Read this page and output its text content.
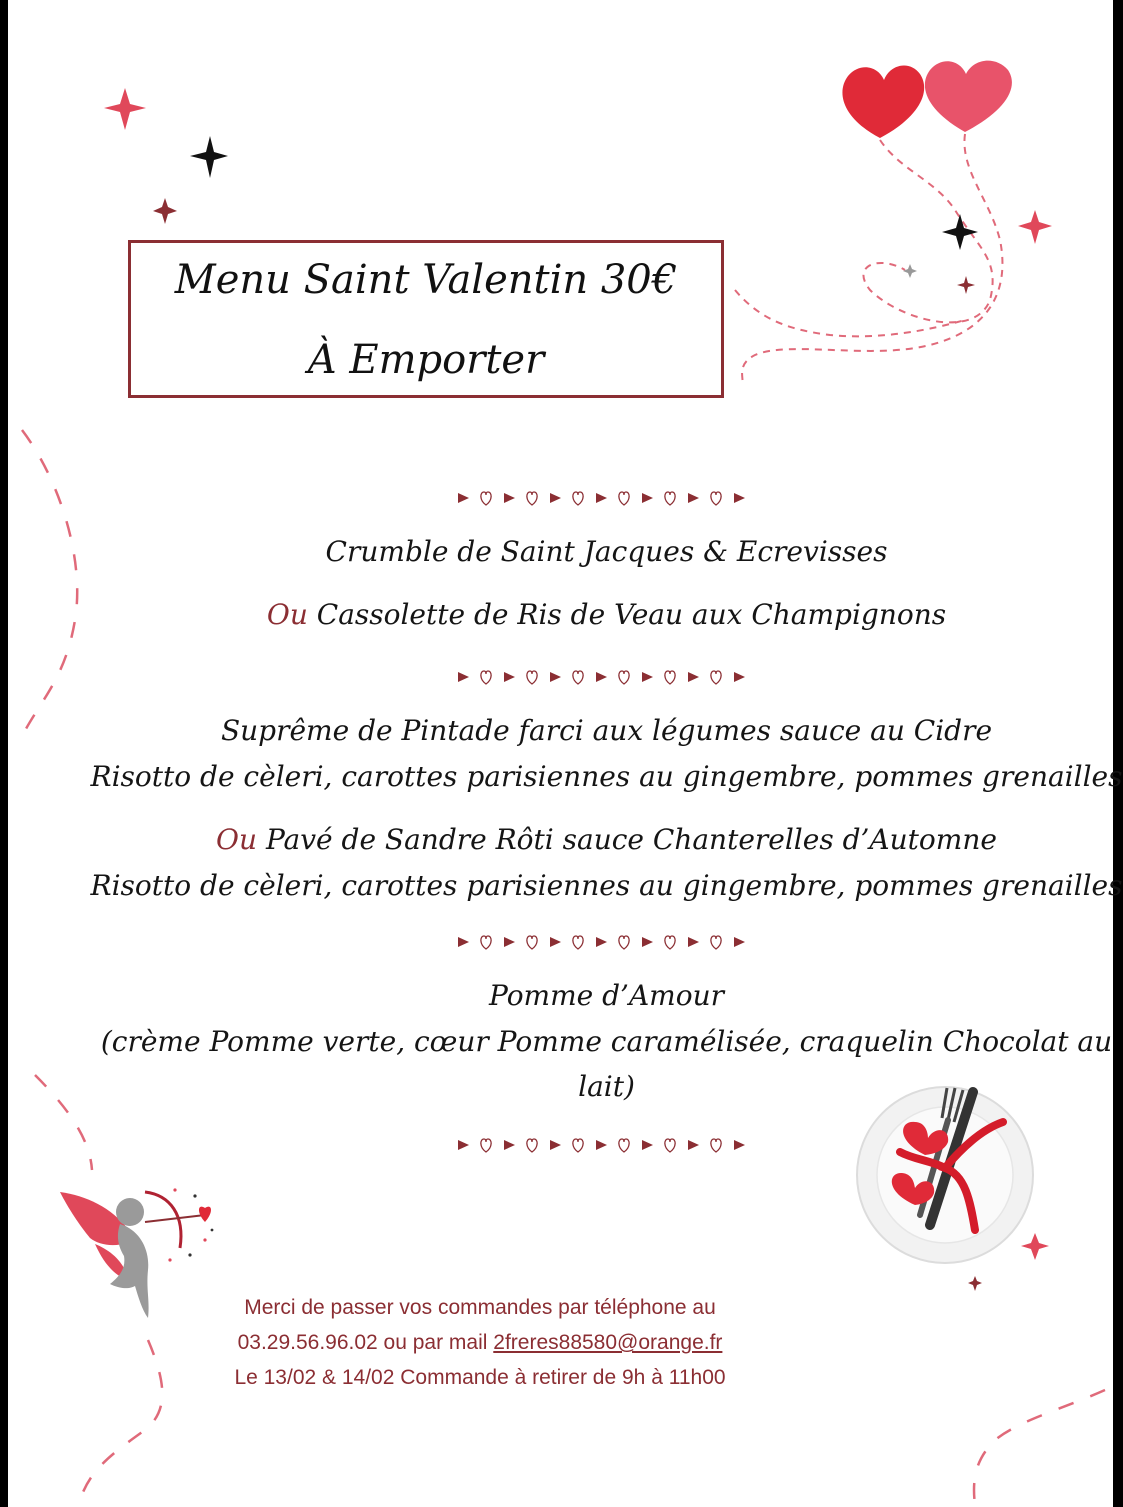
Menu Saint Valentin 30€
À Emporter
Crumble de Saint Jacques & Ecrevisses
Ou Cassolette de Ris de Veau aux Champignons
Suprême de Pintade farci aux légumes sauce au Cidre
Risotto de cèleri, carottes parisiennes au gingembre, pommes grenailles
Ou Pavé de Sandre Rôti sauce Chanterelles d’Automne
Risotto de cèleri, carottes parisiennes au gingembre, pommes grenailles
Pomme d’Amour
(crème Pomme verte, cœur Pomme caramélisée, craquelin Chocolat au
lait)
Merci de passer vos commandes par téléphone au
03.29.56.96.02 ou par mail 2freres88580@orange.fr
Le 13/02 & 14/02 Commande à retirer de 9h à 11h00
